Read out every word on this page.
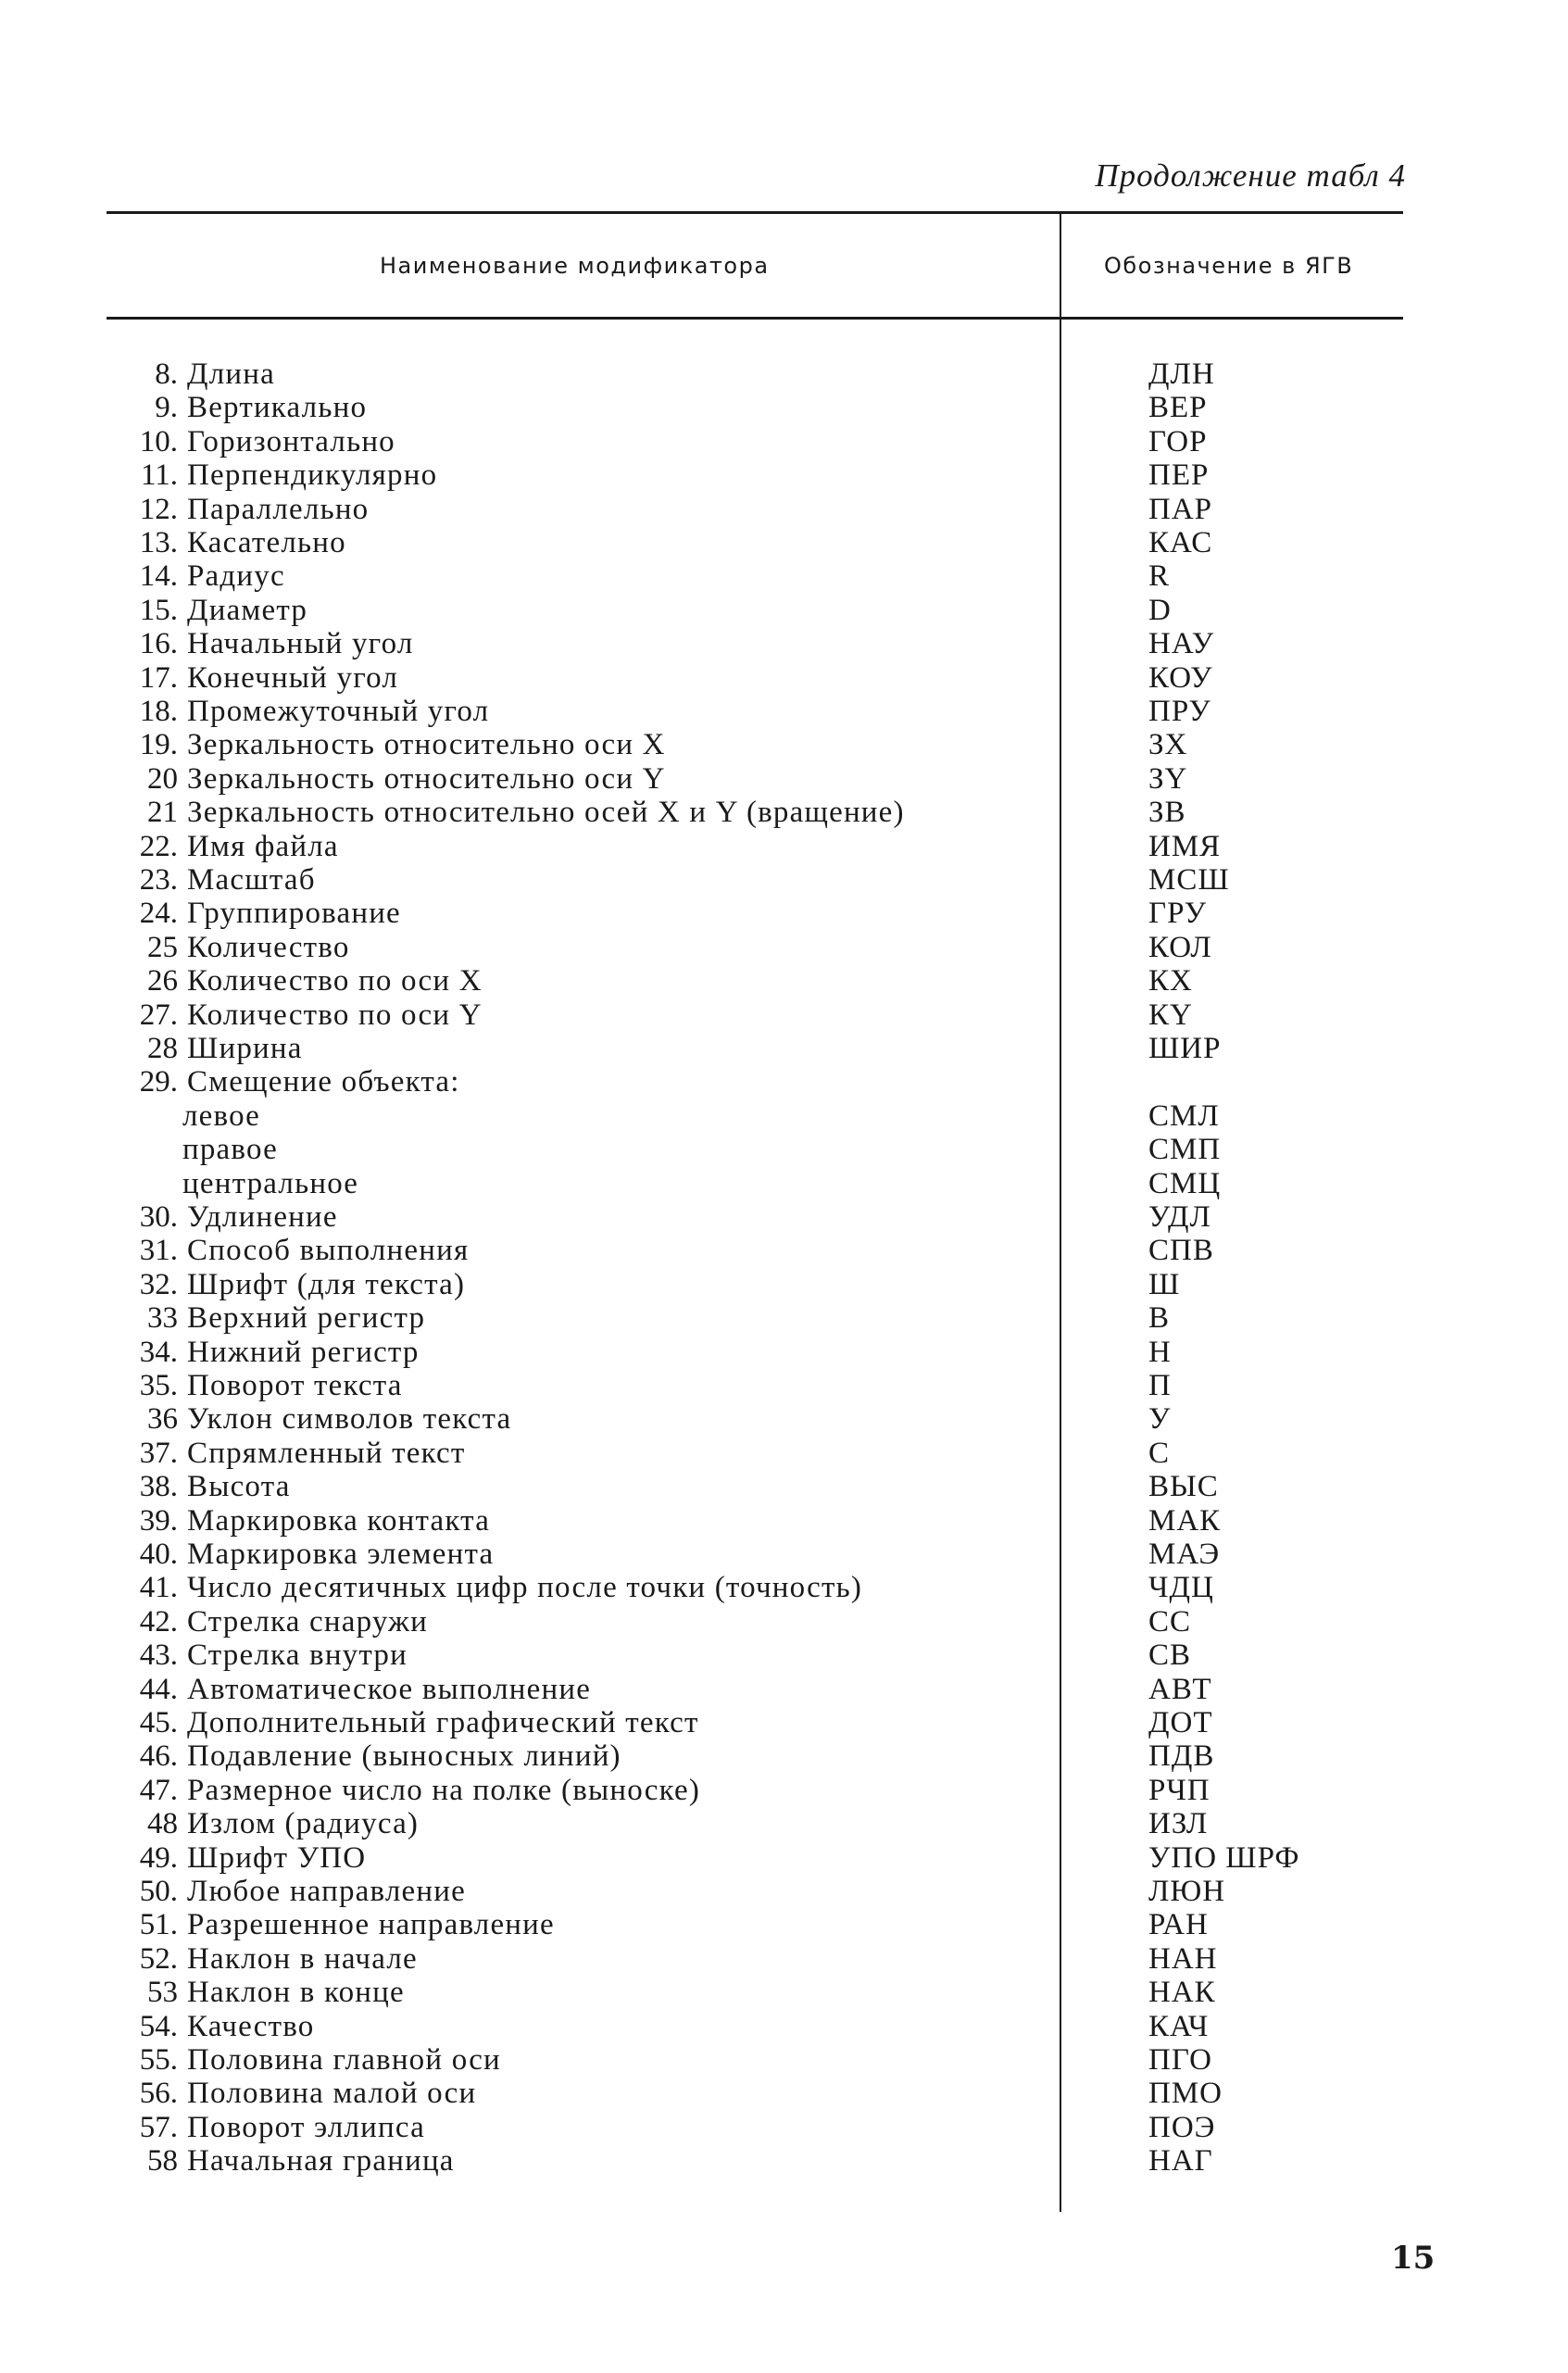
Продолжение табл 4
Наименование модификатора	Обозначение в ЯГВ
8. Длина	ДЛН
9. Вертикально	ВЕР
10. Горизонтально	ГОР
11. Перпендикулярно	ПЕР
12. Параллельно	ПАР
13. Касательно	КАС
14. Радиус	R
15. Диаметр	D
16. Начальный угол	НАУ
17. Конечный угол	КОУ
18. Промежуточный угол	ПРУ
19. Зеркальность относительно оси X	ЗХ
20 Зеркальность относительно оси Y	ЗY
21 Зеркальность относительно осей X и Y (вращение)	ЗВ
22. Имя файла	ИМЯ
23. Масштаб	МСШ
24. Группирование	ГРУ
25 Количество	КОЛ
26 Количество по оси X	КХ
27. Количество по оси Y	КY
28 Ширина	ШИР
29. Смещение объекта:
левое	СМЛ
правое	СМП
центральное	СМЦ
30. Удлинение	УДЛ
31. Способ выполнения	СПВ
32. Шрифт (для текста)	Ш
33 Верхний регистр	В
34. Нижний регистр	Н
35. Поворот текста	П
36 Уклон символов текста	У
37. Спрямленный текст	С
38. Высота	ВЫС
39. Маркировка контакта	МАК
40. Маркировка элемента	МАЭ
41. Число десятичных цифр после точки (точность)	ЧДЦ
42. Стрелка снаружи	СС
43. Стрелка внутри	СВ
44. Автоматическое выполнение	АВТ
45. Дополнительный графический текст	ДОТ
46. Подавление (выносных линий)	ПДВ
47. Размерное число на полке (выноске)	РЧП
48 Излом (радиуса)	ИЗЛ
49. Шрифт УПО	УПО ШРФ
50. Любое направление	ЛЮН
51. Разрешенное направление	РАН
52. Наклон в начале	НАН
53 Наклон в конце	НАК
54. Качество	КАЧ
55. Половина главной оси	ПГО
56. Половина малой оси	ПМО
57. Поворот эллипса	ПОЭ
58 Начальная граница	НАГ
15
